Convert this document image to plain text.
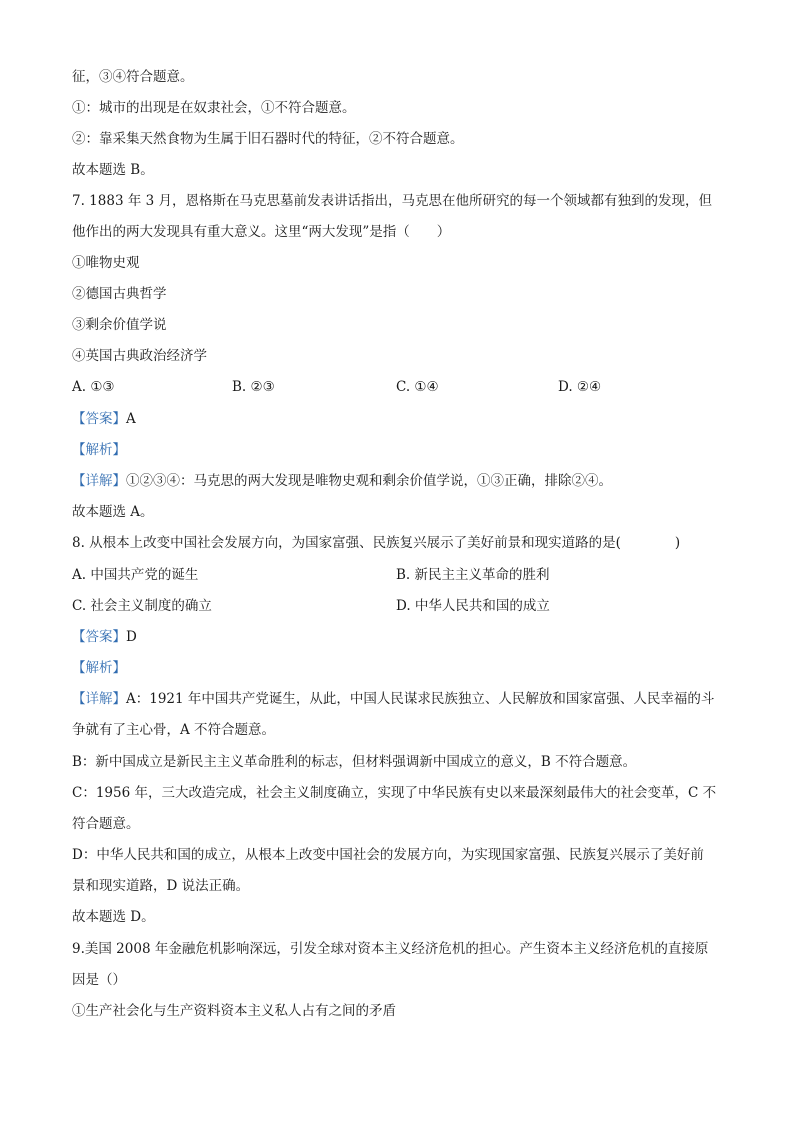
征，③④符合题意。
①：城市的出现是在奴隶社会，①不符合题意。
②：靠采集天然食物为生属于旧石器时代的特征，②不符合题意。
故本题选 B。
7. 1883 年 3 月，恩格斯在马克思墓前发表讲话指出，马克思在他所研究的每一个领域都有独到的发现，但
他作出的两大发现具有重大意义。这里“两大发现”是指（　　）
①唯物史观
②德国古典哲学
③剩余价值学说
④英国古典政治经济学
A. ①③	B. ②③	C. ①④	D. ②④
【答案】A
【解析】
【详解】①②③④：马克思的两大发现是唯物史观和剩余价值学说，①③正确，排除②④。
故本题选 A。
8. 从根本上改变中国社会发展方向，为国家富强、民族复兴展示了美好前景和现实道路的是(　　　　)
A. 中国共产党的诞生	B. 新民主主义革命的胜利
C. 社会主义制度的确立	D. 中华人民共和国的成立
【答案】D
【解析】
【详解】A：1921 年中国共产党诞生，从此，中国人民谋求民族独立、人民解放和国家富强、人民幸福的斗
争就有了主心骨，A 不符合题意。
B：新中国成立是新民主主义革命胜利的标志，但材料强调新中国成立的意义，B 不符合题意。
C：1956 年，三大改造完成，社会主义制度确立，实现了中华民族有史以来最深刻最伟大的社会变革，C 不
符合题意。
D：中华人民共和国的成立，从根本上改变中国社会的发展方向，为实现国家富强、民族复兴展示了美好前
景和现实道路，D 说法正确。
故本题选 D。
9.美国 2008 年金融危机影响深远，引发全球对资本主义经济危机的担心。产生资本主义经济危机的直接原
因是（）
①生产社会化与生产资料资本主义私人占有之间的矛盾
